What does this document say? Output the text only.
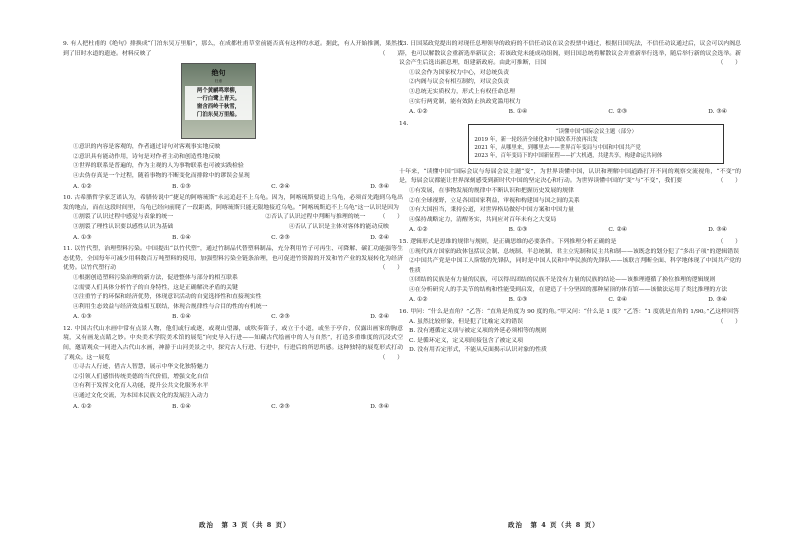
9. 有人把杜甫的《绝句》排换成“门泊东吴万里船”，那么，在成都杜甫草堂前能否真有这样的水道。据此，有人开始推测，果然找到了旧时水道的遗迹。材料反映了	（　　）

绝句
杜甫
两个黄鹂鸣翠柳，
一行白鹭上青天。
窗含西岭千秋雪，
门泊东吴万里船。
①意识的内容是客观的，作者通过诗句对客观事实地反映
②意识具有能动作用，诗句是对作者主动和创造性地反映
③世界的联系是普遍的，作为主观的人为事物联系也可被实践检验
④去伪存真是一个过程，随着事物的不断变化而排除中的谬误会显现
A. ①②	B. ①③	C. ②④	D. ③④

10. 古希腊哲学家芝诺认为，希腊传说中“捷足的阿喀琉斯”永远追赶不上乌龟。因为，阿喀琉斯要追上乌龟，必须首先跑到乌龟出发的地点，而在这段时间里，乌龟已经向前爬了一段距离，阿喀琉斯只能无限地接近乌龟。“阿喀琉斯追不上乌龟”这一认识是因为
（　　）

①割裂了认识过程中感觉与表象的统一	②否认了认识过程中判断与推理的统一
③割裂了理性认识要以感性认识为基础	④否认了认识是主体对客体的能动反映
A. ①③	B. ①④	C. ②③	D. ②④

11. 以竹代塑，治理塑料污染。中国提出“以竹代塑”，通过竹制品代替塑料制品，充分利用竹子可再生、可降解、碳汇功能强等生态优势，全国每年可减少用料数百万吨塑料的使用，加强塑料污染全链条治理，也可促进竹资源的开发和竹产业的发展转化为经济优势。以竹代塑行动	（　　）

①根据创造塑料污染治理的新方法，促进整体与部分的相互联系
②需要人们具体分析竹子的自身特性，这是正确解决矛盾的关键
③注重竹子的环保和经济优势，体现意识活动的自觉选择性和直接现实性
④利用生态效益与经济效益相互联结，体现合规律性与合目的性的有机统一
A. ①③	B. ①④	C. ②③	D. ②④

12. 中国古代山水画中常有点景人物，他们或行或逐，或观山望瀑，或吹奏笛子，或立于小道，或坐于亭台，仅露出画家的胸意境，又有画龙点睛之妙。中央美术学院美术馆的展览“向史导入行进——知藏古代绘画中的人与自然”，打造多重维度的沉浸式空间，邀请观众一同进入古代山水画，神游于山河美景之中，探究古人行进、行进中，行进后的所思所感。这种独特的展览形式打动了观众。这一展览	（　　）

①寻古人行迹，借古人智慧，展示中华文化独特魅力
②引领人们感悟传统美德的当代价值，增强文化自信
③有利于发挥文化育人功能，提升公共文化服务水平
④通过文化交流，为本国本民族文化的发展注入动力
A. ①②	B. ①④	C. ②③	D. ③④
政治　第 3 页（共 8 页）

13. 日国某政党提出的对现任总理领导的政府的不信任动议在议会投票中通过，根据日国宪法，不信任动议通过后，议会可以内阁总辞，也可以解散议会重新选举新议会；若该政党未能成功组阁，则日国总统将解散议会并重新举行选举，随后举行新的议会选举。新议会产生后选出新总理，组建新政府。由此可推断，日国	（　　）

①议会作为国家权力中心，对总统负责
②内阁与议会有相互制约，对议会负责
③总统无实质权力，形式上有权任命总理
④实行两党制，能有效防止执政党滥用权力
A. ①②	B. ①④	C. ②③	D. ③④
14.
“读懂中国”国际会议主题（部分）
2019 年，新一轮经济全球化和中国改革开放再出发
2021 年，从哪里来，到哪里去——世界百年变局与中国和中国共产党
2023 年，百年变局下的中国新征程——扩大机遇，共建共享，构建命运共同体

十年来，“读懂中国”国际会议与每届会议主题“变”，为世界读懂中国，认识和理解中国道路打开不同的观察交流视角，“不变”的是，每届会议都能让世界深刻感受到新时代中国的坚定决心和行动。为世界读懂中国的“变”与“不变”，我们要	（　　）

①有发展，在事物发展的规律中不断认识和把握历史发展的规律
②在全球视野，立足各国国家利益，审视和构建国与国之间的关系
③有大国担当，秉持公道，对世界格局做好中国方案和中国力量
④保持战略定力，清醒务实，共同应对百年未有之大变局
A. ①②	B. ①③	C. ②④	D. ③④

15. 逻辑形式是思维的规律与规则，是正确思维的必要条件。下列推理分析正确的是	（　　）

①现代西方国家的政体包括议会制、总统制、半总统制、君主立宪制和民主共和制——该既念的划分犯了“多出子项”的逻辑错误

②中国共产党是中国工人阶级的先锋队，同时是中国人民和中华民族的先锋队——该联言判断全面、科学地体现了中国共产党的性质

③团结的民族是有力量的民族，可以得出团结的民族不是没有力量的民族的结论——该推理遵循了换位推理的逻辑规则

④在分析研究人的手关节的结构和性能受到启发，在建造了十分坚固的那种屋顶的体育馆——该做法运用了类比推理的方法

A. ①②	B. ①③	C. ②④	D. ③④

16. 甲问：“什么是直角？”乙答：“直角是角度为 90 度的角。”甲又问：“什么是 1 度？”乙答：“1 度就是直角的 1/90。”乙这样回答
（　　）

A. 虽然比较形象，但是犯了比喻定义的错误
B. 没有遵循定义项与被定义项的外延必须相等的规则
C. 是循环定义，定义项间接包含了被定义项
D. 没有用否定形式，不能从反面揭示认识对象的性质
政治　第 4 页（共 8 页）
